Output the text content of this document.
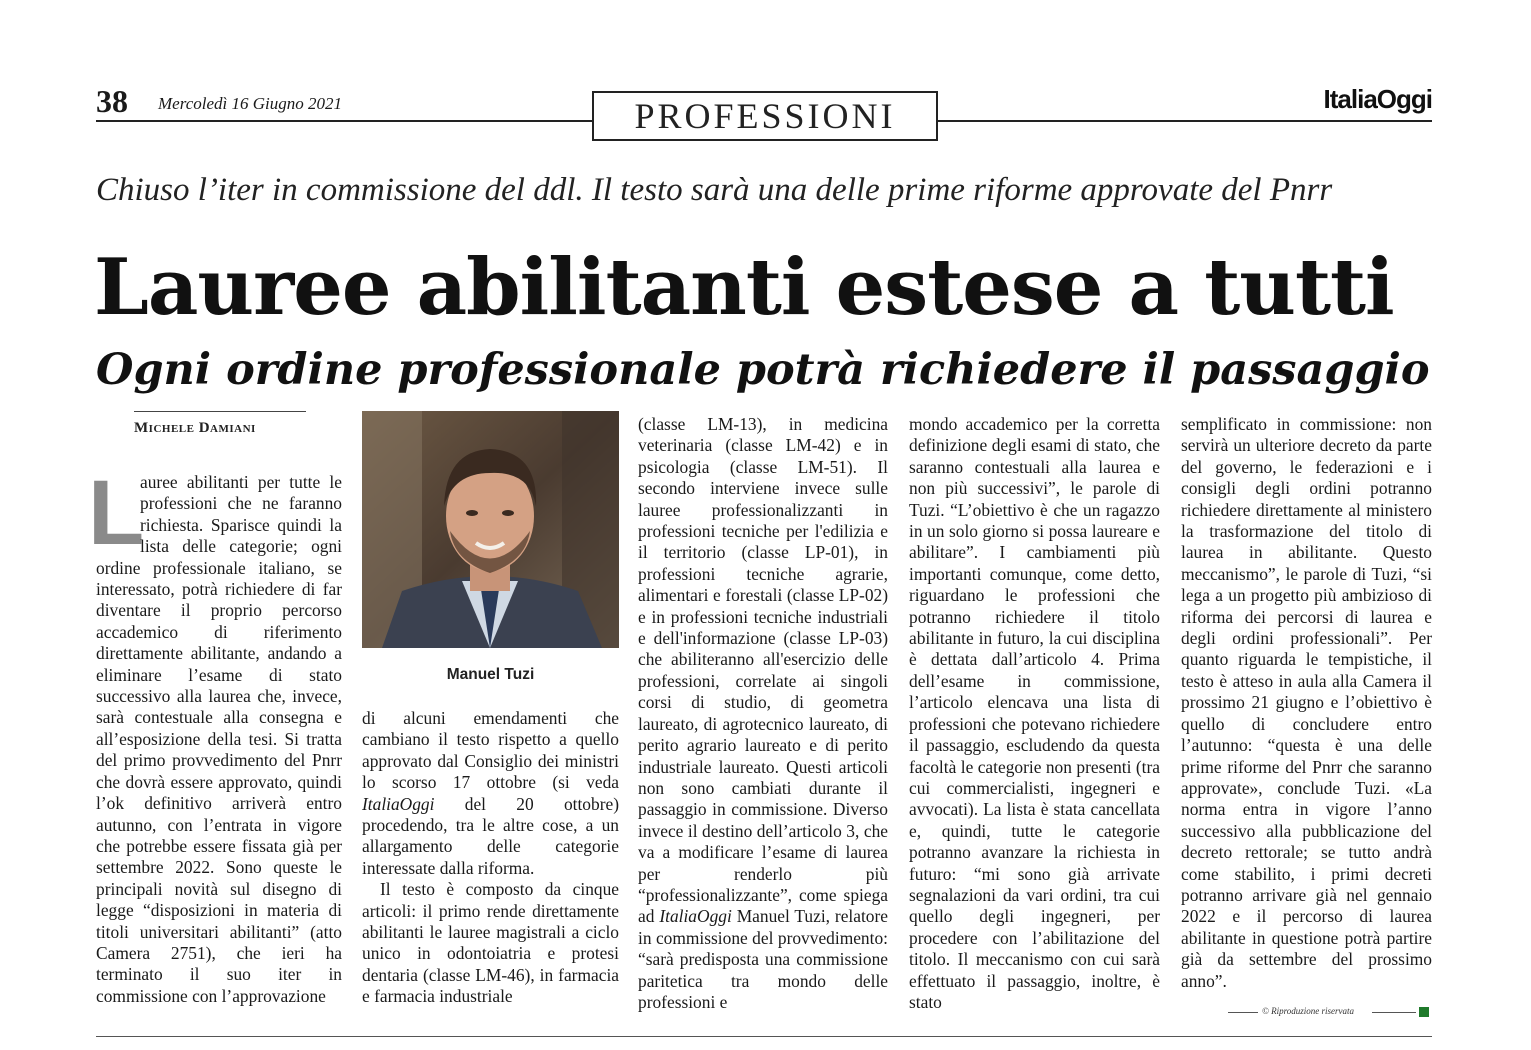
38 Mercoledì 16 Giugno 2021	PROFESSIONI	ItaliaOggi
Chiuso l’iter in commissione del ddl. Il testo sarà una delle prime riforme approvate del Pnrr
Lauree abilitanti estese a tutti
Ogni ordine professionale potrà richiedere il passaggio
Michele Damiani
L

auree abilitanti per tutte le professioni che ne faranno richiesta. Sparisce quindi la lista delle categorie; ogni ordine professionale italiano, se interessato, potrà richiedere di far diventare il proprio percorso accademico di riferimento direttamente abilitante, andando a eliminare l’esame di stato successivo alla laurea che, invece, sarà contestuale alla consegna e all’esposizione della tesi. Si tratta del primo provvedimento del Pnrr che dovrà essere approvato, quindi l’ok definitivo arriverà entro autunno, con l’entrata in vigore che potrebbe essere fissata già per settembre 2022. Sono queste le principali novità sul disegno di legge “disposizioni in materia di titoli universitari abilitanti” (atto Camera 2751), che ieri ha terminato il suo iter in commissione con l’approvazione

Manuel Tuzi

di alcuni emendamenti che cambiano il testo rispetto a quello approvato dal Consiglio dei ministri lo scorso 17 ottobre (si veda ItaliaOggi del 20 ottobre) procedendo, tra le altre cose, a un allargamento delle categorie interessate dalla riforma.

Il testo è composto da cinque articoli: il primo rende direttamente abilitanti le lauree magistrali a ciclo unico in odontoiatria e protesi dentaria (classe LM-46), in farmacia e farmacia industriale

(classe LM-13), in medicina veterinaria (classe LM-42) e in psicologia (classe LM-51). Il secondo interviene invece sulle lauree professionalizzanti in professioni tecniche per l'edilizia e il territorio (classe LP-01), in professioni tecniche agrarie, alimentari e forestali (classe LP-02) e in professioni tecniche industriali e dell'informazione (classe LP-03) che abiliteranno all'esercizio delle professioni, correlate ai singoli corsi di studio, di geometra laureato, di agrotecnico laureato, di perito agrario laureato e di perito industriale laureato. Questi articoli non sono cambiati durante il passaggio in commissione. Diverso invece il destino dell’articolo 3, che va a modificare l’esame di laurea per renderlo più “professionalizzante”, come spiega ad ItaliaOggi Manuel Tuzi, relatore in commissione del provvedimento: “sarà predisposta una commissione paritetica tra mondo delle professioni e

mondo accademico per la corretta definizione degli esami di stato, che saranno contestuali alla laurea e non più successivi”, le parole di Tuzi. “L’obiettivo è che un ragazzo in un solo giorno si possa laureare e abilitare”. I cambiamenti più importanti comunque, come detto, riguardano le professioni che potranno richiedere il titolo abilitante in futuro, la cui disciplina è dettata dall’articolo 4. Prima dell’esame in commissione, l’articolo elencava una lista di professioni che potevano richiedere il passaggio, escludendo da questa facoltà le categorie non presenti (tra cui commercialisti, ingegneri e avvocati). La lista è stata cancellata e, quindi, tutte le categorie potranno avanzare la richiesta in futuro: “mi sono già arrivate segnalazioni da vari ordini, tra cui quello degli ingegneri, per procedere con l’abilitazione del titolo. Il meccanismo con cui sarà effettuato il passaggio, inoltre, è stato

semplificato in commissione: non servirà un ulteriore decreto da parte del governo, le federazioni e i consigli degli ordini potranno richiedere direttamente al ministero la trasformazione del titolo di laurea in abilitante. Questo meccanismo”, le parole di Tuzi, “si lega a un progetto più ambizioso di riforma dei percorsi di laurea e degli ordini professionali”. Per quanto riguarda le tempistiche, il testo è atteso in aula alla Camera il prossimo 21 giugno e l’obiettivo è quello di concludere entro l’autunno: “questa è una delle prime riforme del Pnrr che saranno approvate», conclude Tuzi. «La norma entra in vigore l’anno successivo alla pubblicazione del decreto rettorale; se tutto andrà come stabilito, i primi decreti potranno arrivare già nel gennaio 2022 e il percorso di laurea abilitante in questione potrà partire già da settembre del prossimo anno”.

© Riproduzione riservata
